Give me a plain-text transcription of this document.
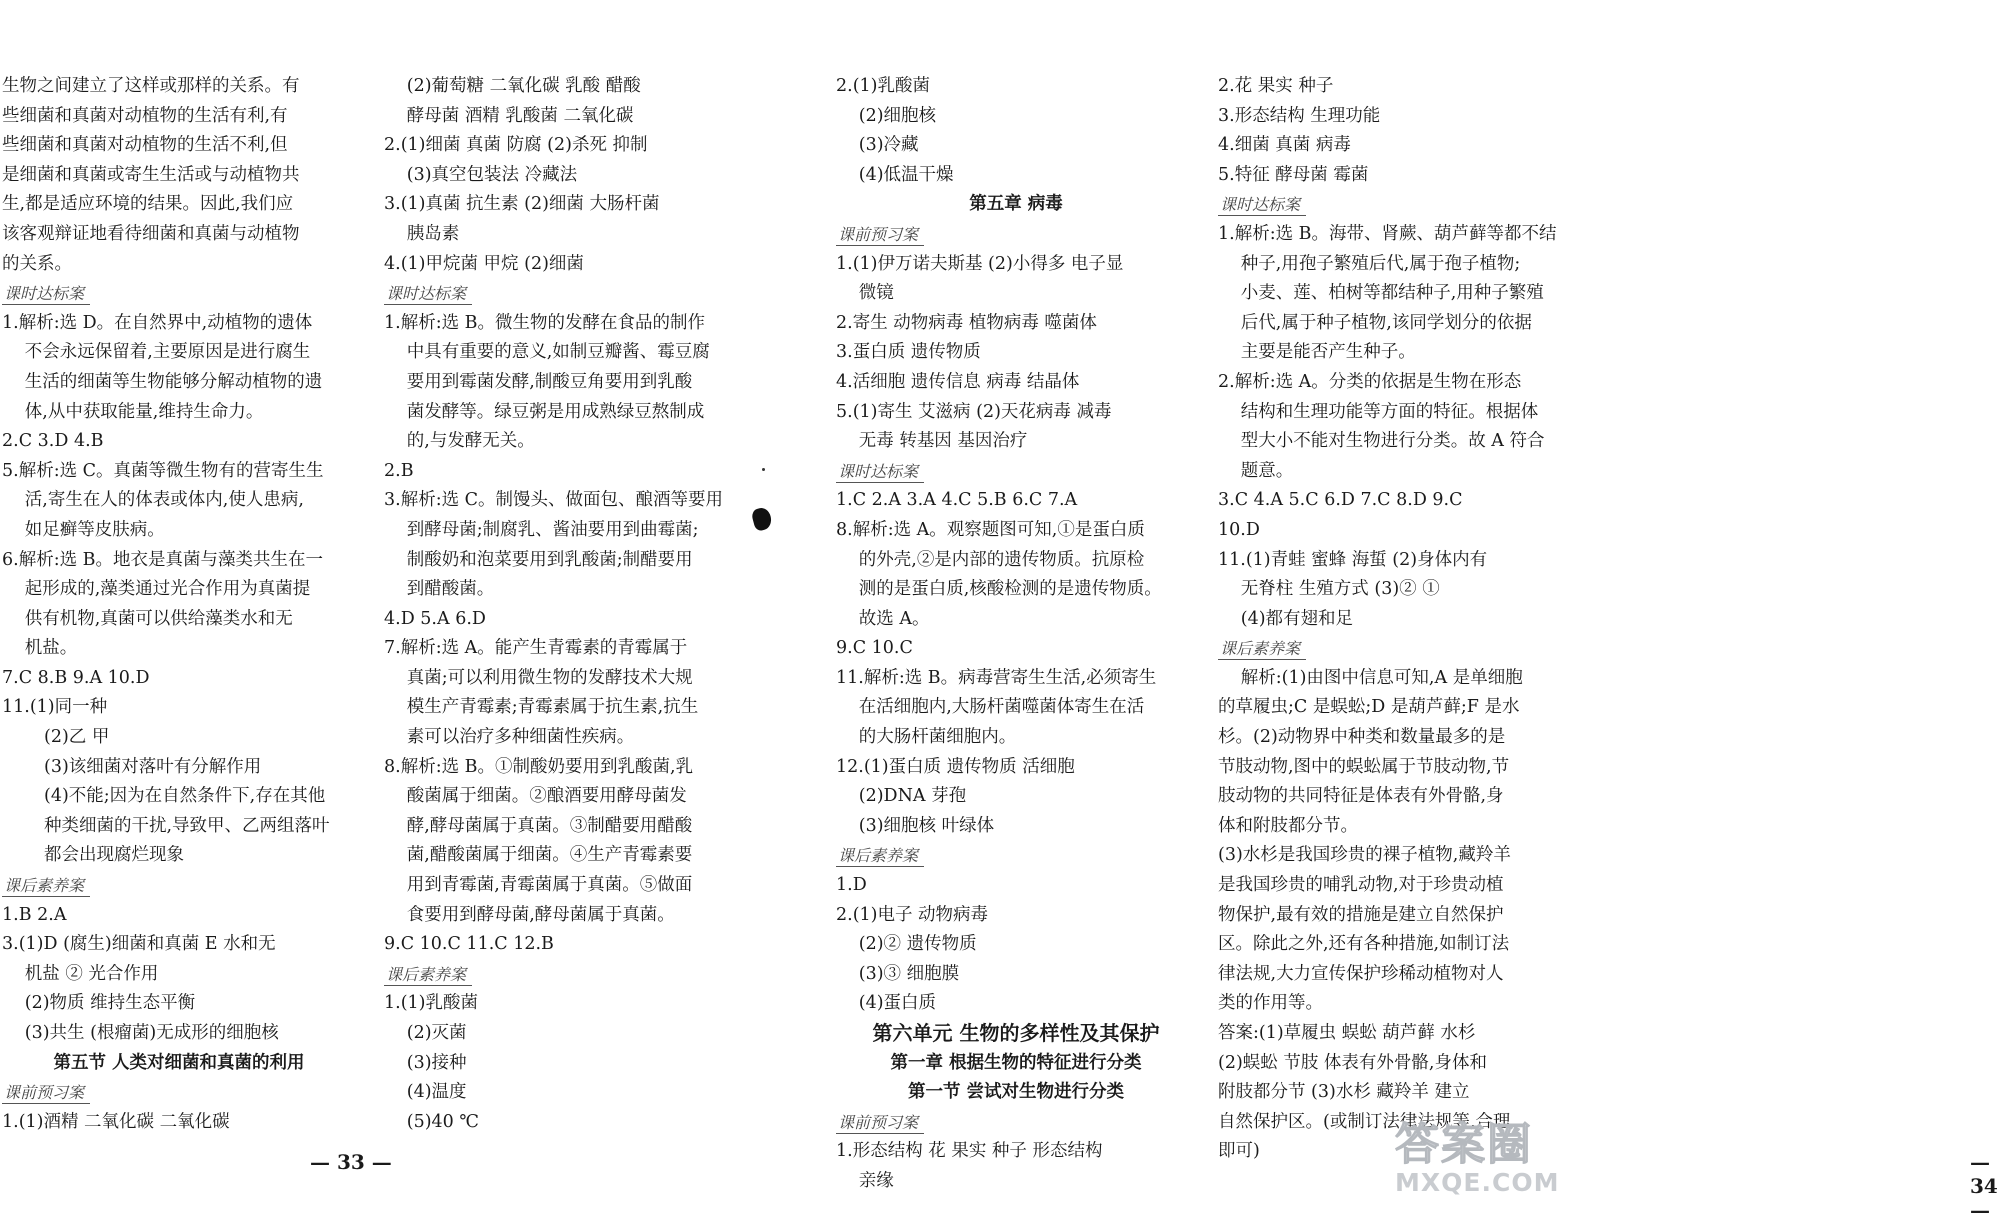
生物之间建立了这样或那样的关系。有
些细菌和真菌对动植物的生活有利,有
些细菌和真菌对动植物的生活不利,但
是细菌和真菌或寄生生活或与动植物共
生,都是适应环境的结果。因此,我们应
该客观辩证地看待细菌和真菌与动植物
的关系。
课时达标案
1.解析:选 D。在自然界中,动植物的遗体
不会永远保留着,主要原因是进行腐生
生活的细菌等生物能够分解动植物的遗
体,从中获取能量,维持生命力。
2.C 3.D 4.B
5.解析:选 C。真菌等微生物有的营寄生生
活,寄生在人的体表或体内,使人患病,
如足癣等皮肤病。
6.解析:选 B。地衣是真菌与藻类共生在一
起形成的,藻类通过光合作用为真菌提
供有机物,真菌可以供给藻类水和无
机盐。
7.C 8.B 9.A 10.D
11.(1)同一种
(2)乙 甲
(3)该细菌对落叶有分解作用
(4)不能;因为在自然条件下,存在其他
种类细菌的干扰,导致甲、乙两组落叶
都会出现腐烂现象
课后素养案
1.B 2.A
3.(1)D (腐生)细菌和真菌 E 水和无
机盐 ② 光合作用
(2)物质 维持生态平衡
(3)共生 (根瘤菌)无成形的细胞核
第五节 人类对细菌和真菌的利用
课前预习案
1.(1)酒精 二氧化碳 二氧化碳
(2)葡萄糖 二氧化碳 乳酸 醋酸
酵母菌 酒精 乳酸菌 二氧化碳
2.(1)细菌 真菌 防腐 (2)杀死 抑制
(3)真空包装法 冷藏法
3.(1)真菌 抗生素 (2)细菌 大肠杆菌
胰岛素
4.(1)甲烷菌 甲烷 (2)细菌
课时达标案
1.解析:选 B。微生物的发酵在食品的制作
中具有重要的意义,如制豆瓣酱、霉豆腐
要用到霉菌发酵,制酸豆角要用到乳酸
菌发酵等。绿豆粥是用成熟绿豆熬制成
的,与发酵无关。
2.B
3.解析:选 C。制馒头、做面包、酿酒等要用
到酵母菌;制腐乳、酱油要用到曲霉菌;
制酸奶和泡菜要用到乳酸菌;制醋要用
到醋酸菌。
4.D 5.A 6.D
7.解析:选 A。能产生青霉素的青霉属于
真菌;可以利用微生物的发酵技术大规
模生产青霉素;青霉素属于抗生素,抗生
素可以治疗多种细菌性疾病。
8.解析:选 B。①制酸奶要用到乳酸菌,乳
酸菌属于细菌。②酿酒要用酵母菌发
酵,酵母菌属于真菌。③制醋要用醋酸
菌,醋酸菌属于细菌。④生产青霉素要
用到青霉菌,青霉菌属于真菌。⑤做面
食要用到酵母菌,酵母菌属于真菌。
9.C 10.C 11.C 12.B
课后素养案
1.(1)乳酸菌
(2)灭菌
(3)接种
(4)温度
(5)40 ℃
— 33 —
2.(1)乳酸菌
(2)细胞核
(3)冷藏
(4)低温干燥
第五章 病毒
课前预习案
1.(1)伊万诺夫斯基 (2)小得多 电子显
微镜
2.寄生 动物病毒 植物病毒 噬菌体
3.蛋白质 遗传物质
4.活细胞 遗传信息 病毒 结晶体
5.(1)寄生 艾滋病 (2)天花病毒 减毒
无毒 转基因 基因治疗
课时达标案
1.C 2.A 3.A 4.C 5.B 6.C 7.A
8.解析:选 A。观察题图可知,①是蛋白质
的外壳,②是内部的遗传物质。抗原检
测的是蛋白质,核酸检测的是遗传物质。
故选 A。
9.C 10.C
11.解析:选 B。病毒营寄生生活,必须寄生
在活细胞内,大肠杆菌噬菌体寄生在活
的大肠杆菌细胞内。
12.(1)蛋白质 遗传物质 活细胞
(2)DNA 芽孢
(3)细胞核 叶绿体
课后素养案
1.D
2.(1)电子 动物病毒
(2)② 遗传物质
(3)③ 细胞膜
(4)蛋白质
第六单元 生物的多样性及其保护
第一章 根据生物的特征进行分类
第一节 尝试对生物进行分类
课前预习案
1.形态结构 花 果实 种子 形态结构
亲缘
2.花 果实 种子
3.形态结构 生理功能
4.细菌 真菌 病毒
5.特征 酵母菌 霉菌
课时达标案
1.解析:选 B。海带、肾蕨、葫芦藓等都不结
种子,用孢子繁殖后代,属于孢子植物;
小麦、莲、柏树等都结种子,用种子繁殖
后代,属于种子植物,该同学划分的依据
主要是能否产生种子。
2.解析:选 A。分类的依据是生物在形态
结构和生理功能等方面的特征。根据体
型大小不能对生物进行分类。故 A 符合
题意。
3.C 4.A 5.C 6.D 7.C 8.D 9.C
10.D
11.(1)青蛙 蜜蜂 海蜇 (2)身体内有
无脊柱 生殖方式 (3)② ①
(4)都有翅和足
课后素养案
解析:(1)由图中信息可知,A 是单细胞
的草履虫;C 是蜈蚣;D 是葫芦藓;F 是水
杉。(2)动物界中种类和数量最多的是
节肢动物,图中的蜈蚣属于节肢动物,节
肢动物的共同特征是体表有外骨骼,身
体和附肢都分节。
(3)水杉是我国珍贵的裸子植物,藏羚羊
是我国珍贵的哺乳动物,对于珍贵动植
物保护,最有效的措施是建立自然保护
区。除此之外,还有各种措施,如制订法
律法规,大力宣传保护珍稀动植物对人
类的作用等。
答案:(1)草履虫 蜈蚣 葫芦藓 水杉
(2)蜈蚣 节肢 体表有外骨骼,身体和
附肢都分节 (3)水杉 藏羚羊 建立
自然保护区。(或制订法律法规等,合理
即可)	— 34 —
答案圈
MXQE.COM
